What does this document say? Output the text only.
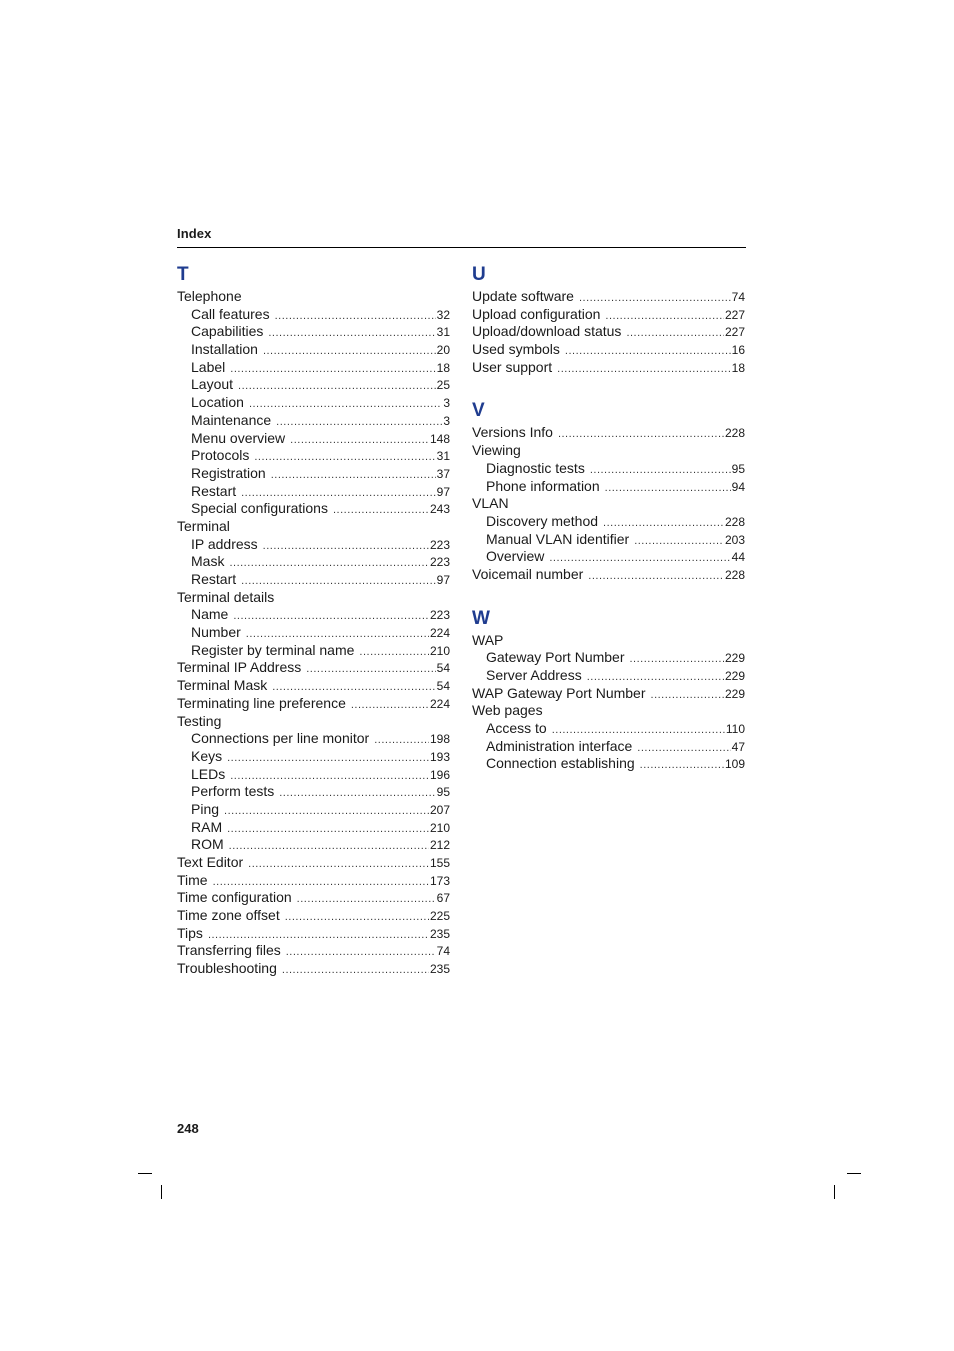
Index
T
Telephone
Call features .....	32
Capabilities .....	31
Installation .....	20
Label .....	18
Layout .....	25
Location .....	3
Maintenance .....	3
Menu overview .....	148
Protocols .....	31
Registration .....	37
Restart .....	97
Special configurations .....	243
Terminal
IP address .....	223
Mask .....	223
Restart .....	97
Terminal details
Name .....	223
Number .....	224
Register by terminal name .....	210
Terminal IP Address .....	54
Terminal Mask .....	54
Terminating line preference .....	224
Testing
Connections per line monitor .....	198
Keys .....	193
LEDs .....	196
Perform tests .....	95
Ping .....	207
RAM .....	210
ROM .....	212
Text Editor .....	155
Time .....	173
Time configuration .....	67
Time zone offset .....	225
Tips .....	235
Transferring files .....	74
Troubleshooting .....	235
U
Update software .....	74
Upload configuration .....	227
Upload/download status .....	227
Used symbols .....	16
User support .....	18
V
Versions Info .....	228
Viewing
Diagnostic tests .....	95
Phone information .....	94
VLAN
Discovery method .....	228
Manual VLAN identifier .....	203
Overview .....	44
Voicemail number .....	228
W
WAP
Gateway Port Number .....	229
Server Address .....	229
WAP Gateway Port Number .....	229
Web pages
Access to .....	110
Administration interface .....	47
Connection establishing .....	109
248
